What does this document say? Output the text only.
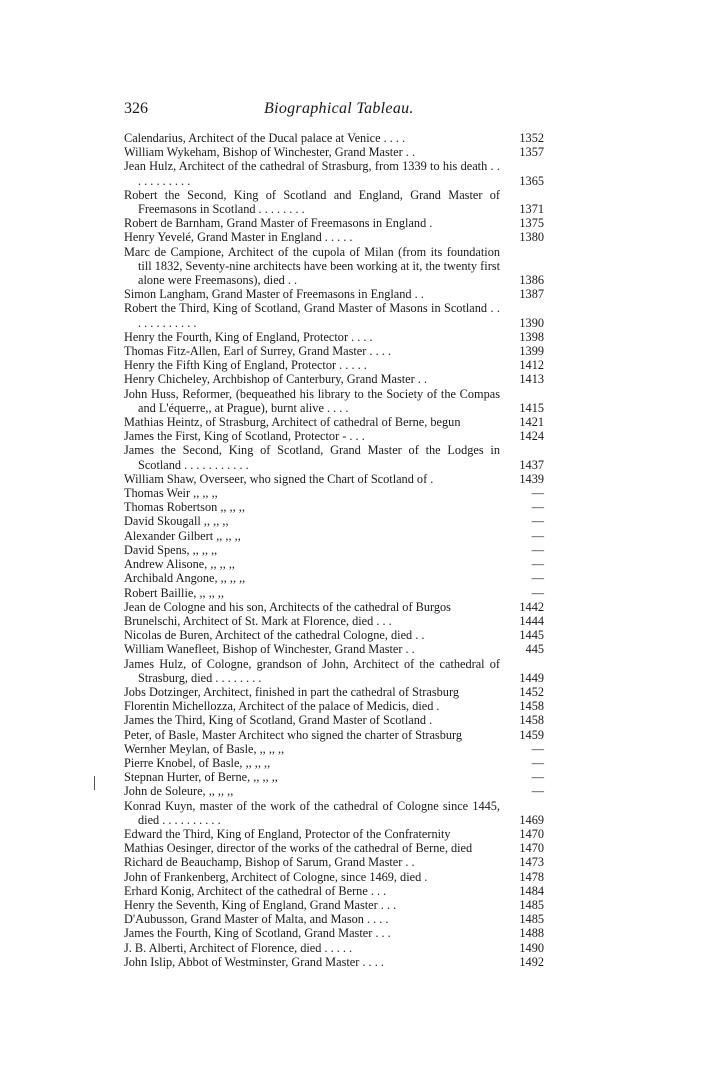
326	Biographical Tableau.
Calendarius, Architect of the Ducal palace at Venice . . . .	1352
William Wykeham, Bishop of Winchester, Grand Master . .	1357
Jean Hulz, Architect of the cathedral of Strasburg, from 1339 to his death . . . . . . . . . . .	1365
Robert the Second, King of Scotland and England, Grand Master of Freemasons in Scotland . . . . . . . .	1371
Robert de Barnham, Grand Master of Freemasons in England .	1375
Henry Yevelé, Grand Master in England . . . . .	1380
Marc de Campione, Architect of the cupola of Milan (from its foundation till 1832, Seventy-nine architects have been working at it, the twenty first alone were Freemasons), died . .	1386
Simon Langham, Grand Master of Freemasons in England . .	1387
Robert the Third, King of Scotland, Grand Master of Masons in Scotland . . . . . . . . . . . .	1390
Henry the Fourth, King of England, Protector . . . .	1398
Thomas Fitz-Allen, Earl of Surrey, Grand Master . . . .	1399
Henry the Fifth King of England, Protector . . . . .	1412
Henry Chicheley, Archbishop of Canterbury, Grand Master . .	1413
John Huss, Reformer, (bequeathed his library to the Society of the Compas and L'équerre,, at Prague), burnt alive . . . .	1415
Mathias Heintz, of Strasburg, Architect of cathedral of Berne, begun	1421
James the First, King of Scotland, Protector - . . .	1424
James the Second, King of Scotland, Grand Master of the Lodges in Scotland . . . . . . . . . . .	1437
William Shaw, Overseer, who signed the Chart of Scotland of .	1439
Thomas Weir ,, ,, ,,	—
Thomas Robertson ,, ,, ,,	—
David Skougall ,, ,, ,,	—
Alexander Gilbert ,, ,, ,,	—
David Spens, ,, ,, ,,	—
Andrew Alisone, ,, ,, ,,	—
Archibald Angone, ,, ,, ,,	—
Robert Baillie, ,, ,, ,,	—
Jean de Cologne and his son, Architects of the cathedral of Burgos	1442
Brunelschi, Architect of St. Mark at Florence, died . . .	1444
Nicolas de Buren, Architect of the cathedral Cologne, died . .	1445
William Wanefleet, Bishop of Winchester, Grand Master . .	445
James Hulz, of Cologne, grandson of John, Architect of the cathedral of Strasburg, died . . . . . . . .	1449
Jobs Dotzinger, Architect, finished in part the cathedral of Strasburg	1452
Florentin Michellozza, Architect of the palace of Medicis, died .	1458
James the Third, King of Scotland, Grand Master of Scotland .	1458
Peter, of Basle, Master Architect who signed the charter of Strasburg	1459
Wernher Meylan, of Basle, ,, ,, ,,	—
Pierre Knobel, of Basle, ,, ,, ,,	—
Stepnan Hurter, of Berne, ,, ,, ,,	—
John de Soleure, ,, ,, ,,	—
Konrad Kuyn, master of the work of the cathedral of Cologne since 1445, died . . . . . . . . . .	1469
Edward the Third, King of England, Protector of the Confraternity	1470
Mathias Oesinger, director of the works of the cathedral of Berne, died	1470
Richard de Beauchamp, Bishop of Sarum, Grand Master . .	1473
John of Frankenberg, Architect of Cologne, since 1469, died .	1478
Erhard Konig, Architect of the cathedral of Berne . . .	1484
Henry the Seventh, King of England, Grand Master . . .	1485
D'Aubusson, Grand Master of Malta, and Mason . . . .	1485
James the Fourth, King of Scotland, Grand Master . . .	1488
J. B. Alberti, Architect of Florence, died . . . . .	1490
John Islip, Abbot of Westminster, Grand Master . . . .	1492
